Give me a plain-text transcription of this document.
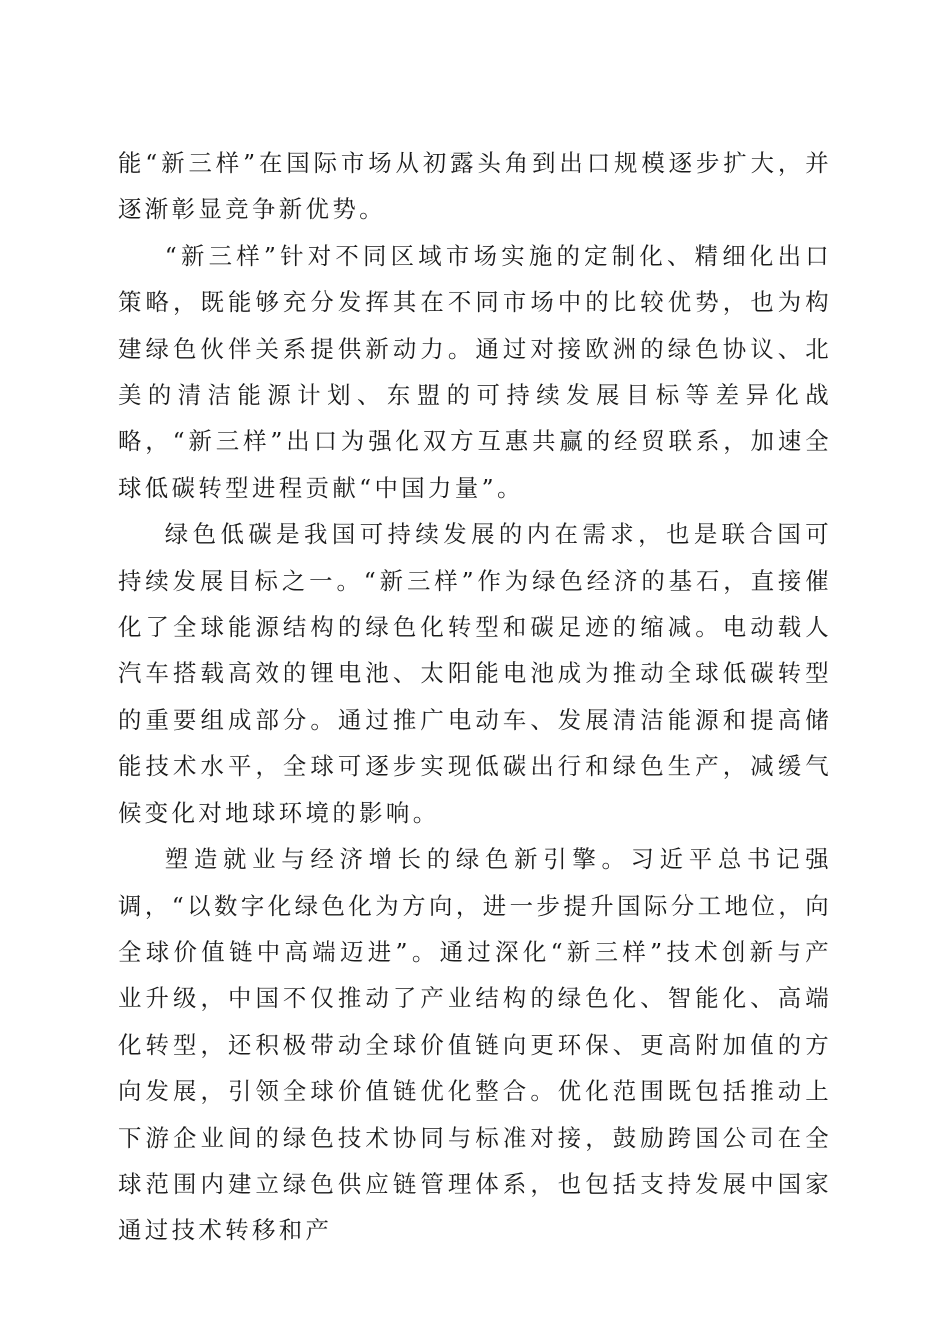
能“新三样”在国际市场从初露头角到出口规模逐步扩大，并逐渐彰显竞争新优势。

“新三样”针对不同区域市场实施的定制化、精细化出口策略，既能够充分发挥其在不同市场中的比较优势，也为构建绿色伙伴关系提供新动力。通过对接欧洲的绿色协议、北美的清洁能源计划、东盟的可持续发展目标等差异化战略，“新三样”出口为强化双方互惠共赢的经贸联系，加速全球低碳转型进程贡献“中国力量”。

绿色低碳是我国可持续发展的内在需求，也是联合国可持续发展目标之一。“新三样”作为绿色经济的基石，直接催化了全球能源结构的绿色化转型和碳足迹的缩减。电动载人汽车搭载高效的锂电池、太阳能电池成为推动全球低碳转型的重要组成部分。通过推广电动车、发展清洁能源和提高储能技术水平，全球可逐步实现低碳出行和绿色生产，减缓气候变化对地球环境的影响。

塑造就业与经济增长的绿色新引擎。习近平总书记强调，“以数字化绿色化为方向，进一步提升国际分工地位，向全球价值链中高端迈进”。通过深化“新三样”技术创新与产业升级，中国不仅推动了产业结构的绿色化、智能化、高端化转型，还积极带动全球价值链向更环保、更高附加值的方向发展，引领全球价值链优化整合。优化范围既包括推动上下游企业间的绿色技术协同与标准对接，鼓励跨国公司在全球范围内建立绿色供应链管理体系，也包括支持发展中国家通过技术转移和产
